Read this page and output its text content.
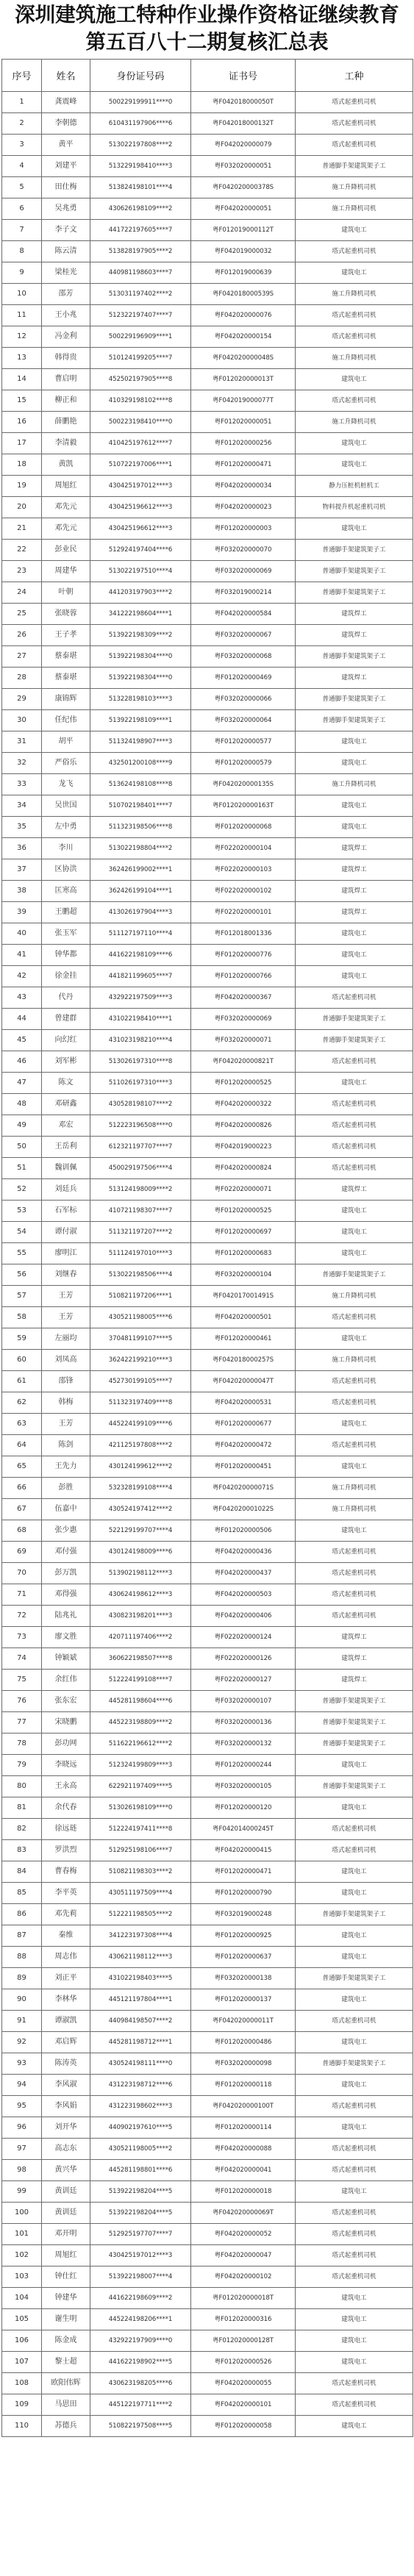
深圳建筑施工特种作业操作资格证继续教育
第五百八十二期复核汇总表
序号	姓名	身份证号码	证书号	工种
1	龚震峰	500229199911****0	粤F042018000050T	塔式起重机司机
2	李朝德	610431197906****6	粤F042018000132T	塔式起重机司机
3	黄平	513022197808****2	粤F042020000079	塔式起重机司机
4	刘建平	513229198410****3	粤F032020000051	普通脚手架建筑架子工
5	田仕梅	513824198101****4	粤F042020000378S	施工升降机司机
6	吴兆勇	430626198109****2	粤F042020000051	施工升降机司机
7	李子文	441722197605****7	粤F012019000112T	建筑电工
8	陈云清	513828197905****2	粤F042019000032	塔式起重机司机
9	梁桂光	440981198603****7	粤F012019000639	建筑电工
10	邵芳	513031197402****2	粤F042018000539S	施工升降机司机
11	王小兆	512322197407****7	粤F042020000076	塔式起重机司机
12	冯金利	500229196909****1	粤F042020000154	塔式起重机司机
13	韩得贵	510124199205****7	粤F042020000048S	施工升降机司机
14	曹启明	452502197905****8	粤F012020000013T	建筑电工
15	柳正和	410329198102****8	粤F042019000077T	塔式起重机司机
16	薛鹏艳	500223198410****0	粤F012020000051	施工升降机司机
17	李清毅	410425197612****7	粤F012020000256	建筑电工
18	黄凯	510722197006****1	粤F012020000471	建筑电工
19	周旭红	430425197012****3	粤F042020000034	静力压桩机桩机工
20	邓先元	430425196612****3	粤F042020000023	物料提升机起重机司机
21	邓先元	430425196612****3	粤F012020000003	建筑电工
22	彭业民	512924197404****6	粤F032020000070	普通脚手架建筑架子工
23	周建华	513022197510****4	粤F032020000069	普通脚手架建筑架子工
24	叶朝	441203197903****2	粤F032019000214	普通脚手架建筑架子工
25	张晓蓉	341222198604****1	粤F042020000584	建筑焊工
26	王子孝	513922198309****2	粤F032020000067	建筑焊工
27	蔡泰堪	513922198304****0	粤F032020000068	普通脚手架建筑架子工
28	蔡泰堪	513922198304****0	粤F012020000469	建筑焊工
29	康锦辉	513228198103****3	粤F032020000066	普通脚手架建筑架子工
30	任纪伟	513922198109****1	粤F032020000064	普通脚手架建筑架子工
31	胡平	511324198907****3	粤F012020000577	建筑电工
32	严俗乐	432501200108****9	粤F012020000579	建筑电工
33	龙飞	513624198108****8	粤F042020000135S	施工升降机司机
34	吴世国	510702198401****7	粤F012020000163T	建筑电工
35	左中勇	511323198506****8	粤F012020000068	建筑电工
36	李川	513022198804****2	粤F022020000104	建筑焊工
37	区协洪	362426199002****1	粤F022020000103	建筑焊工
38	匡寒高	362426199104****1	粤F022020000102	建筑焊工
39	王鹏超	413026197904****3	粤F022020000101	建筑焊工
40	张玉军	511127197110****4	粤F012018001336	建筑电工
41	钟华都	441622198109****6	粤F012020000776	建筑电工
42	徐金挂	441821199605****7	粤F012020000766	建筑电工
43	代丹	432922197509****3	粤F042020000367	塔式起重机司机
44	曾建群	431022198410****1	粤F032020000069	普通脚手架建筑架子工
45	向幻红	431023198210****4	粤F032020000071	普通脚手架建筑架子工
46	刘军彬	513026197310****8	粤F042020000821T	塔式起重机司机
47	陈文	511026197310****3	粤F012020000525	建筑电工
48	邓研鑫	430528198107****2	粤F042020000322	塔式起重机司机
49	邓宏	512223196508****0	粤F042020000826	塔式起重机司机
50	王岳利	612321197707****7	粤F042019000223	塔式起重机司机
51	魏训佩	450029197506****4	粤F042020000824	塔式起重机司机
52	刘廷兵	513124198009****2	粤F022020000071	建筑焊工
53	石军标	410721198307****7	粤F012020000525	建筑电工
54	谭付淑	511321197207****2	粤F012020000697	建筑电工
55	廖明江	511124197010****3	粤F012020000683	建筑电工
56	刘继春	513022198506****4	粤F032020000104	普通脚手架建筑架子工
57	王芳	510821197206****1	粤F042017001491S	施工升降机司机
58	王芳	430521198005****6	粤F042020000501	塔式起重机司机
59	左丽均	370481199107****5	粤F012020000461	建筑电工
60	刘凤高	362422199210****3	粤F042018000257S	施工升降机司机
61	邵锋	452730199105****7	粤F042020000047T	塔式起重机司机
62	韩梅	511323197409****8	粤F042020000531	塔式起重机司机
63	王芳	445224199109****6	粤F012020000677	建筑电工
64	陈剑	421125197808****2	粤F042020000472	塔式起重机司机
65	王先力	430124199612****2	粤F012020000451	建筑电工
66	彭胜	532328199108****4	粤F042020000071S	施工升降机司机
67	伍嘉中	430524197412****2	粤F042020001022S	施工升降机司机
68	张少惠	522129199707****4	粤F012020000506	建筑电工
69	邓付强	430124198009****6	粤F042020000436	塔式起重机司机
70	彭万凯	513902198112****3	粤F042020000437	塔式起重机司机
71	邓得强	430624198612****3	粤F042020000503	塔式起重机司机
72	陆兆礼	430823198201****3	粤F042020000406	塔式起重机司机
73	廖文胜	420711197406****2	粤F022020000124	建筑焊工
74	钟颖斌	360622198507****8	粤F022020000126	建筑焊工
75	余红伟	512224199108****7	粤F022020000127	建筑焊工
76	张东宏	445281198604****6	粤F032020000107	普通脚手架建筑架子工
77	宋晓鹏	445223198809****2	粤F032020000136	普通脚手架建筑架子工
78	彭功网	511622196612****2	粤F032020000132	普通脚手架建筑架子工
79	李晓远	512324199809****3	粤F012020000244	建筑电工
80	王永高	622921197409****5	粤F032020000105	普通脚手架建筑架子工
81	余代春	513026198109****0	粤F012020000120	建筑电工
82	徐远琏	512224197411****8	粤F042014000245T	塔式起重机司机
83	罗洪烈	512925198106****7	粤F042020000415	塔式起重机司机
84	曹春梅	510821198303****2	粤F012020000471	建筑电工
85	李平英	430511197509****4	粤F012020000790	建筑电工
86	邓先莉	512221198505****2	粤F032019000248	普通脚手架建筑架子工
87	秦维	341223197308****4	粤F012020000925	建筑电工
88	周志伟	430621198112****3	粤F012020000637	建筑电工
89	刘正平	431022198403****5	粤F032020000138	普通脚手架建筑架子工
90	李林华	445121197804****1	粤F012020000137	建筑电工
91	谭淑凯	440984198507****2	粤F042020000011T	塔式起重机司机
92	邓启辉	445281198712****1	粤F012020000486	建筑电工
93	陈涛英	430524198111****0	粤F032020000098	普通脚手架建筑架子工
94	李风淑	431223198712****6	粤F012020000118	建筑电工
95	李风娟	431223198602****3	粤F042020000100T	塔式起重机司机
96	刘开华	440902197610****5	粤F012020000114	建筑电工
97	高志东	430521198005****2	粤F042020000088	塔式起重机司机
98	黄兴华	445281198801****6	粤F042020000041	塔式起重机司机
99	黄训廷	513922198204****5	粤F012020000018	建筑电工
100	黄训廷	513922198204****5	粤F042020000069T	塔式起重机司机
101	邓开明	512925197707****7	粤F042020000052	塔式起重机司机
102	周旭红	430425197012****3	粤F042020000047	塔式起重机司机
103	钟仕红	513922198007****4	粤F042020000102	塔式起重机司机
104	钟建华	441622198609****2	粤F012020000018T	建筑电工
105	谢生明	445224198206****1	粤F012020000316	建筑电工
106	陈金成	432922197909****0	粤F012020000128T	建筑电工
107	黎士超	441622198902****5	粤F012020000526	建筑电工
108	欧阳伟辉	430623198205****6	粤F042020000055	塔式起重机司机
109	马思田	445122197711****2	粤F042020000101	塔式起重机司机
110	苏德兵	510822197508****5	粤F012020000058	建筑电工
